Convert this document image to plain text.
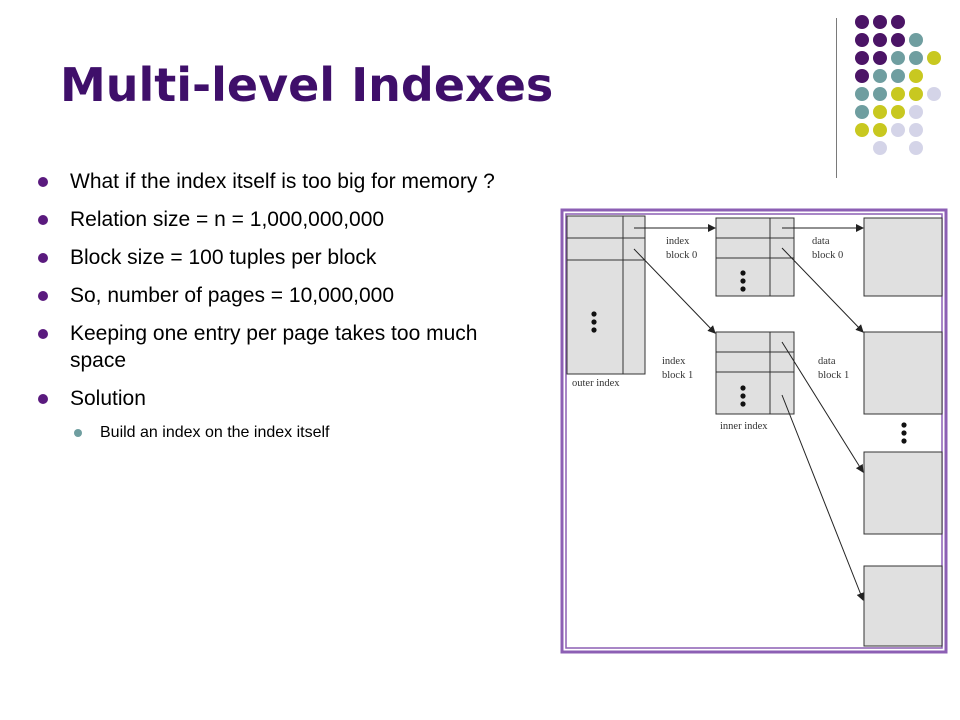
Multi-level Indexes
What if the index itself is too big for memory ?
Relation size = n = 1,000,000,000
Block size = 100 tuples per block
So, number of pages = 10,000,000
Keeping one entry per page takes too much space
Solution
Build an index on the index itself
outer index
inner index
index
block 0
index
block 1
data
block 0
data
block 1
